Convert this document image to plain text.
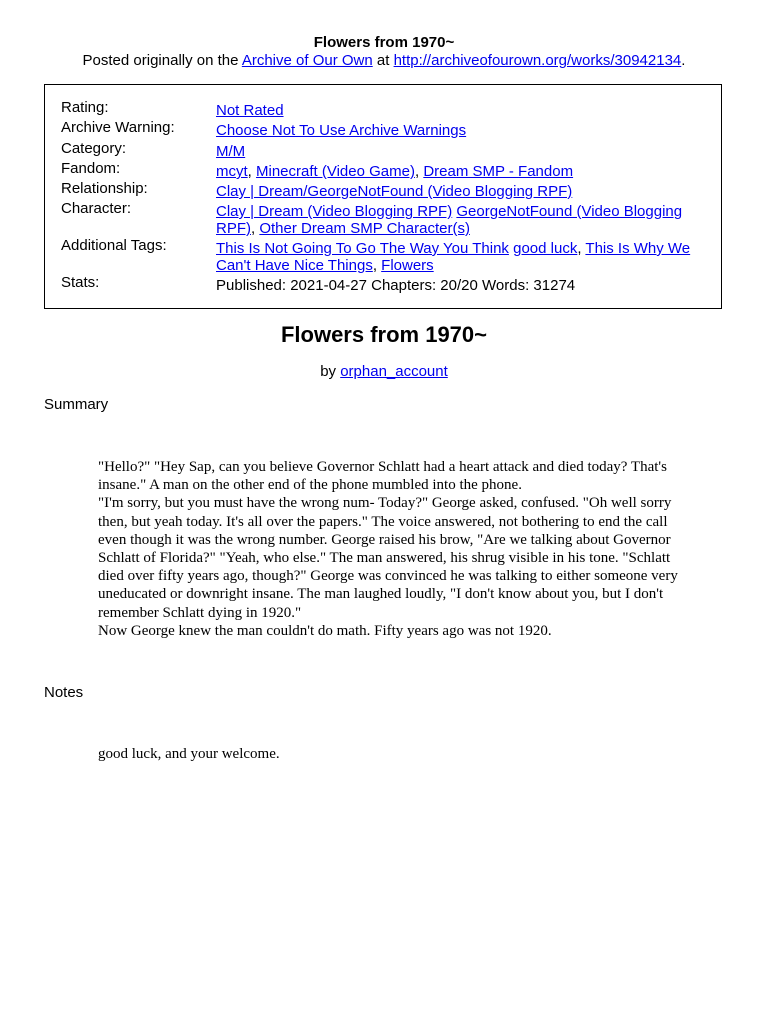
Flowers from 1970~
Posted originally on the Archive of Our Own at http://archiveofourown.org/works/30942134.
Rating:	Not Rated
Archive Warning:	Choose Not To Use Archive Warnings
Category:	M/M
Fandom:	mcyt, Minecraft (Video Game), Dream SMP - Fandom
Relationship:	Clay | Dream/GeorgeNotFound (Video Blogging RPF)
Character:	Clay | Dream (Video Blogging RPF) GeorgeNotFound (Video Blogging RPF), Other Dream SMP Character(s)
Additional Tags:	This Is Not Going To Go The Way You Think good luck, This Is Why We Can't Have Nice Things, Flowers
Stats:	Published: 2021-04-27 Chapters: 20/20 Words: 31274
Flowers from 1970~
by orphan_account
Summary

"Hello?" "Hey Sap, can you believe Governor Schlatt had a heart attack and died today? That's insane." A man on the other end of the phone mumbled into the phone.

"I'm sorry, but you must have the wrong num- Today?" George asked, confused. "Oh well sorry then, but yeah today. It's all over the papers." The voice answered, not bothering to end the call even though it was the wrong number. George raised his brow, "Are we talking about Governor Schlatt of Florida?" "Yeah, who else." The man answered, his shrug visible in his tone. "Schlatt died over fifty years ago, though?" George was convinced he was talking to either someone very uneducated or downright insane. The man laughed loudly, "I don't know about you, but I don't remember Schlatt dying in 1920."

Now George knew the man couldn't do math. Fifty years ago was not 1920.

Notes

good luck, and your welcome.
